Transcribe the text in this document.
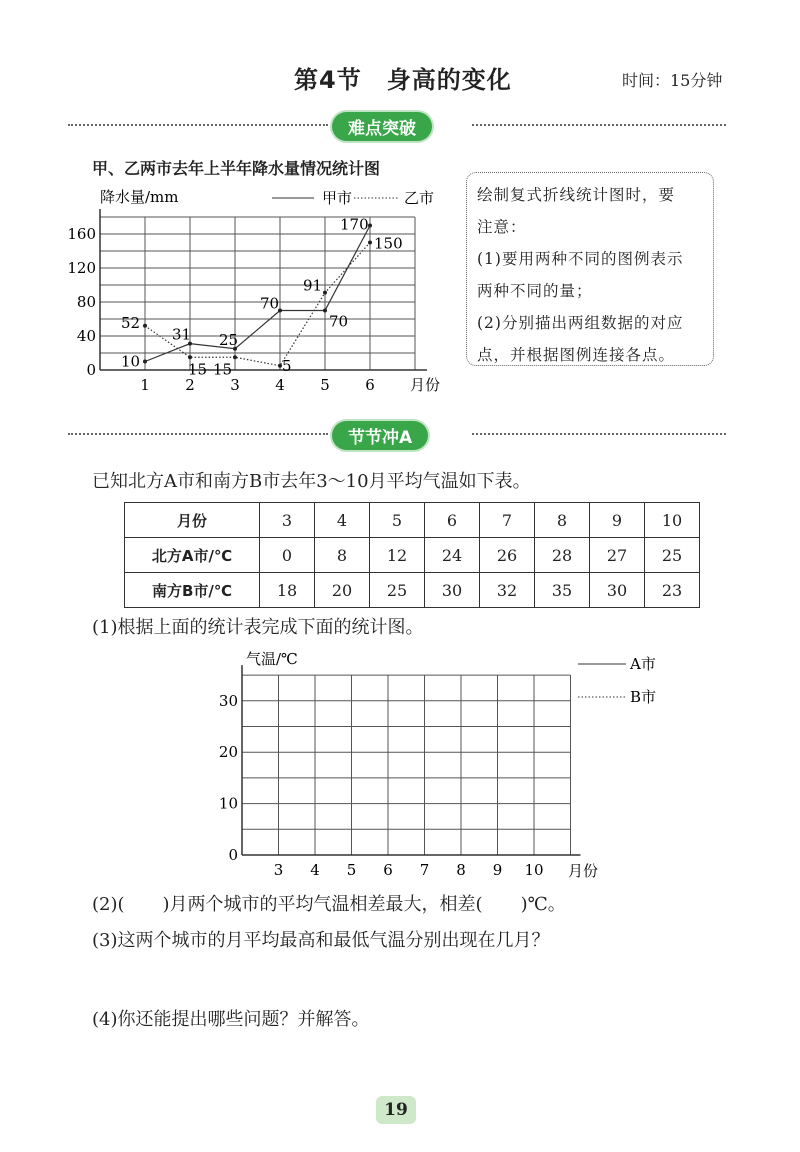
第4节　身高的变化	时间：15分钟
难点突破
甲、乙两市去年上半年降水量情况统计图
0
40
80
120
160
1 2 3 4 5 6
10
31 25
70
70
170
52
15 15	5
91
150
降水量/mm	甲市	乙市
月份
绘制复式折线统计图时，要
注意：
(1)要用两种不同的图例表示
两种不同的量；
(2)分别描出两组数据的对应
点，并根据图例连接各点。
节节冲A
已知北方A市和南方B市去年3～10月平均气温如下表。
月份	3	4	5	6	7	8	9	10
北方A市/℃	0	8	12	24	26	28	27	25
南方B市/℃	18	20	25	30	32	35	30	23
(1)根据上面的统计表完成下面的统计图。
0
10
20
30
3 4 5 6 7 8 9 10
气温/℃
月份
A市
B市
(2)( )月两个城市的平均气温相差最大，相差( )℃。
(3)这两个城市的月平均最高和最低气温分别出现在几月？
(4)你还能提出哪些问题？并解答。
19
